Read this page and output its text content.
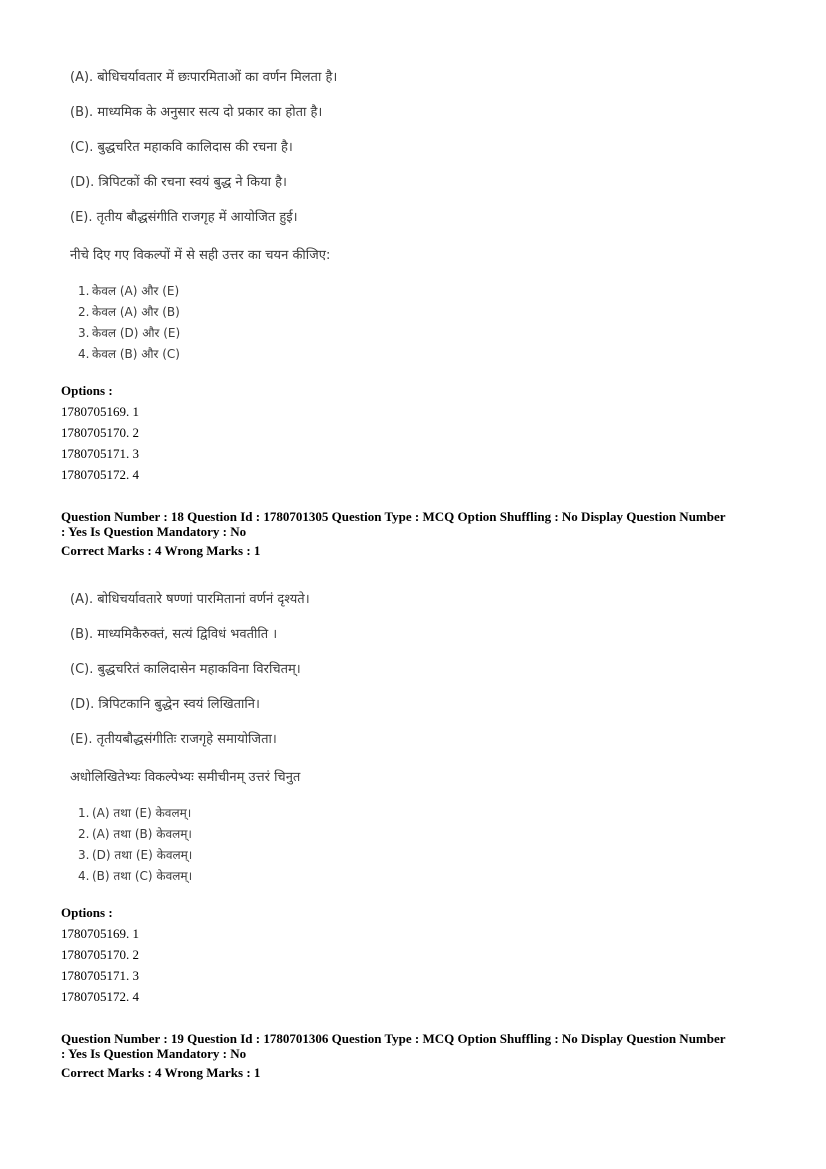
(A). बोधिचर्यावतार में छःपारमिताओं का वर्णन मिलता है।
(B). माध्यमिक के अनुसार सत्य दो प्रकार का होता है।
(C). बुद्धचरित महाकवि कालिदास की रचना है।
(D). त्रिपिटकों की रचना स्वयं बुद्ध ने किया है।
(E). तृतीय बौद्धसंगीति राजगृह में आयोजित हुई।
नीचे दिए गए विकल्पों में से सही उत्तर का चयन कीजिए:
1. केवल (A) और (E)
2. केवल (A) और (B)
3. केवल (D) और (E)
4. केवल (B) और (C)
Options :
1780705169. 1
1780705170. 2
1780705171. 3
1780705172. 4
Question Number : 18 Question Id : 1780701305 Question Type : MCQ Option Shuffling : No Display Question Number
: Yes Is Question Mandatory : No
Correct Marks : 4 Wrong Marks : 1
(A). बोधिचर्यावतारे षण्णां पारमितानां वर्णनं दृश्यते।
(B). माध्यमिकैरुक्तं, सत्यं द्विविधं भवतीति ।
(C). बुद्धचरितं कालिदासेन महाकविना विरचितम्।
(D). त्रिपिटकानि बुद्धेन स्वयं लिखितानि।
(E). तृतीयबौद्धसंगीतिः राजगृहे समायोजिता।
अधोलिखितेभ्यः विकल्पेभ्यः समीचीनम् उत्तरं चिनुत
1. (A) तथा (E) केवलम्।
2. (A) तथा (B) केवलम्।
3. (D) तथा (E) केवलम्।
4. (B) तथा (C) केवलम्।
Options :
1780705169. 1
1780705170. 2
1780705171. 3
1780705172. 4
Question Number : 19 Question Id : 1780701306 Question Type : MCQ Option Shuffling : No Display Question Number
: Yes Is Question Mandatory : No
Correct Marks : 4 Wrong Marks : 1
